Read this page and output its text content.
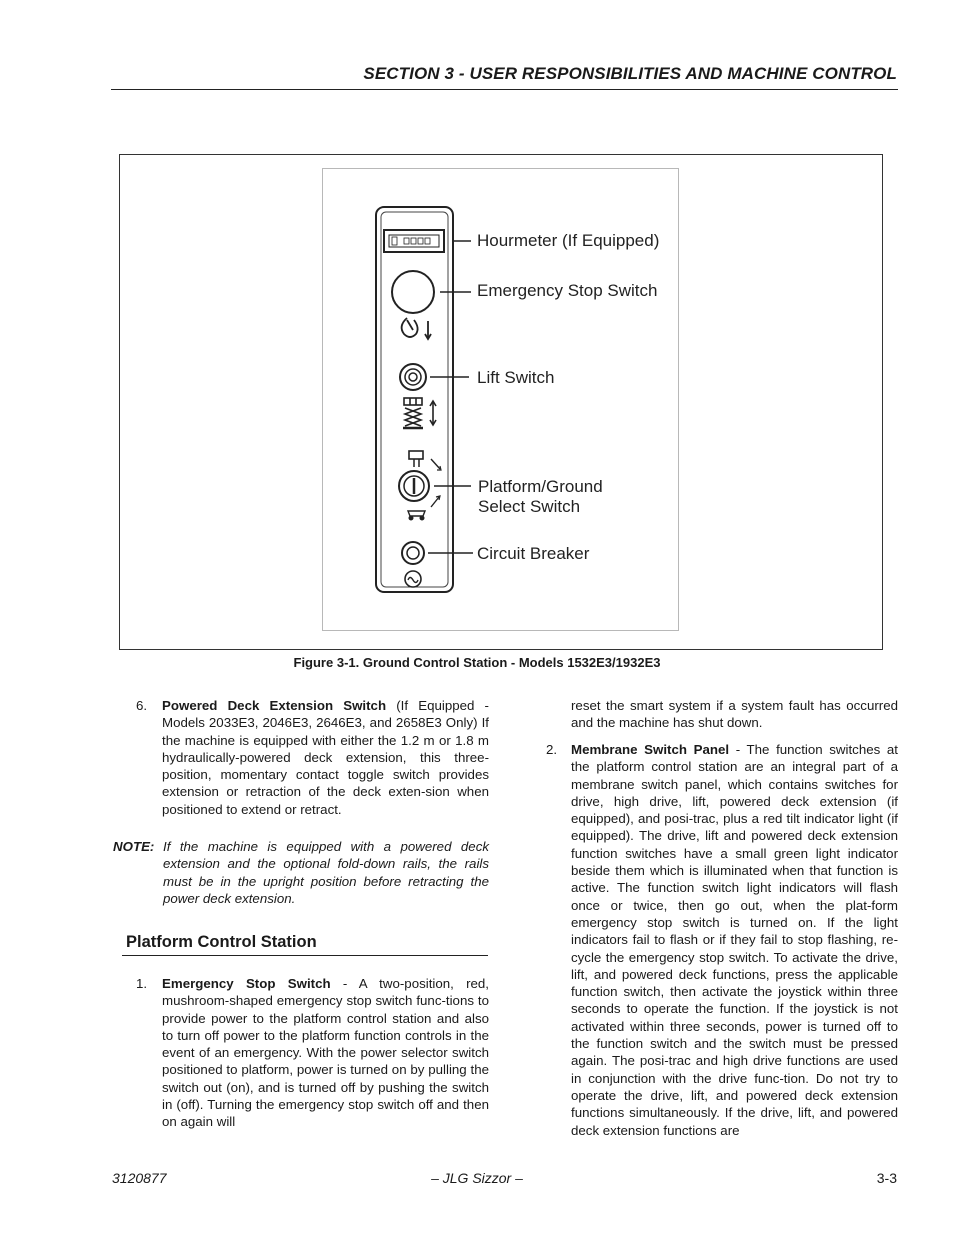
SECTION 3 - USER RESPONSIBILITIES AND MACHINE CONTROL
Hourmeter (If Equipped)
Emergency Stop Switch
Lift Switch
Platform/Ground
Select Switch
Circuit Breaker
Figure 3-1. Ground Control Station - Models 1532E3/1932E3
6. Powered Deck Extension Switch (If Equipped - Models 2033E3, 2046E3, 2646E3, and 2658E3 Only) If the machine is equipped with either the 1.2 m or 1.8 m hydraulically-powered deck extension, this three-position, momentary contact toggle switch provides extension or retraction of the deck exten-sion when positioned to extend or retract.
NOTE: If the machine is equipped with a powered deck extension and the optional fold-down rails, the rails must be in the upright position before retracting the power deck extension.
Platform Control Station
1. Emergency Stop Switch - A two-position, red, mushroom-shaped emergency stop switch func-tions to provide power to the platform control station and also to turn off power to the platform function controls in the event of an emergency. With the power selector switch positioned to platform, power is turned on by pulling the switch out (on), and is turned off by pushing the switch in (off). Turning the emergency stop switch off and then on again will
reset the smart system if a system fault has occurred and the machine has shut down.
2. Membrane Switch Panel - The function switches at the platform control station are an integral part of a membrane switch panel, which contains switches for drive, high drive, lift, powered deck extension (if equipped), and posi-trac, plus a red tilt indicator light (if equipped). The drive, lift and powered deck extension function switches have a small green light indicator beside them which is illuminated when that function is active. The function switch light indicators will flash once or twice, then go out, when the plat-form emergency stop switch is turned on. If the light indicators fail to flash or if they fail to stop flashing, re-cycle the emergency stop switch. To activate the drive, lift, and powered deck functions, press the applicable function switch, then activate the joystick within three seconds to operate the function. If the joystick is not activated within three seconds, power is turned off to the function switch and the switch must be pressed again. The posi-trac and high drive functions are used in conjunction with the drive func-tion. Do not try to operate the drive, lift, and powered deck extension functions simultaneously. If the drive, lift, and powered deck extension functions are
3120877	– JLG Sizzor –	3-3
